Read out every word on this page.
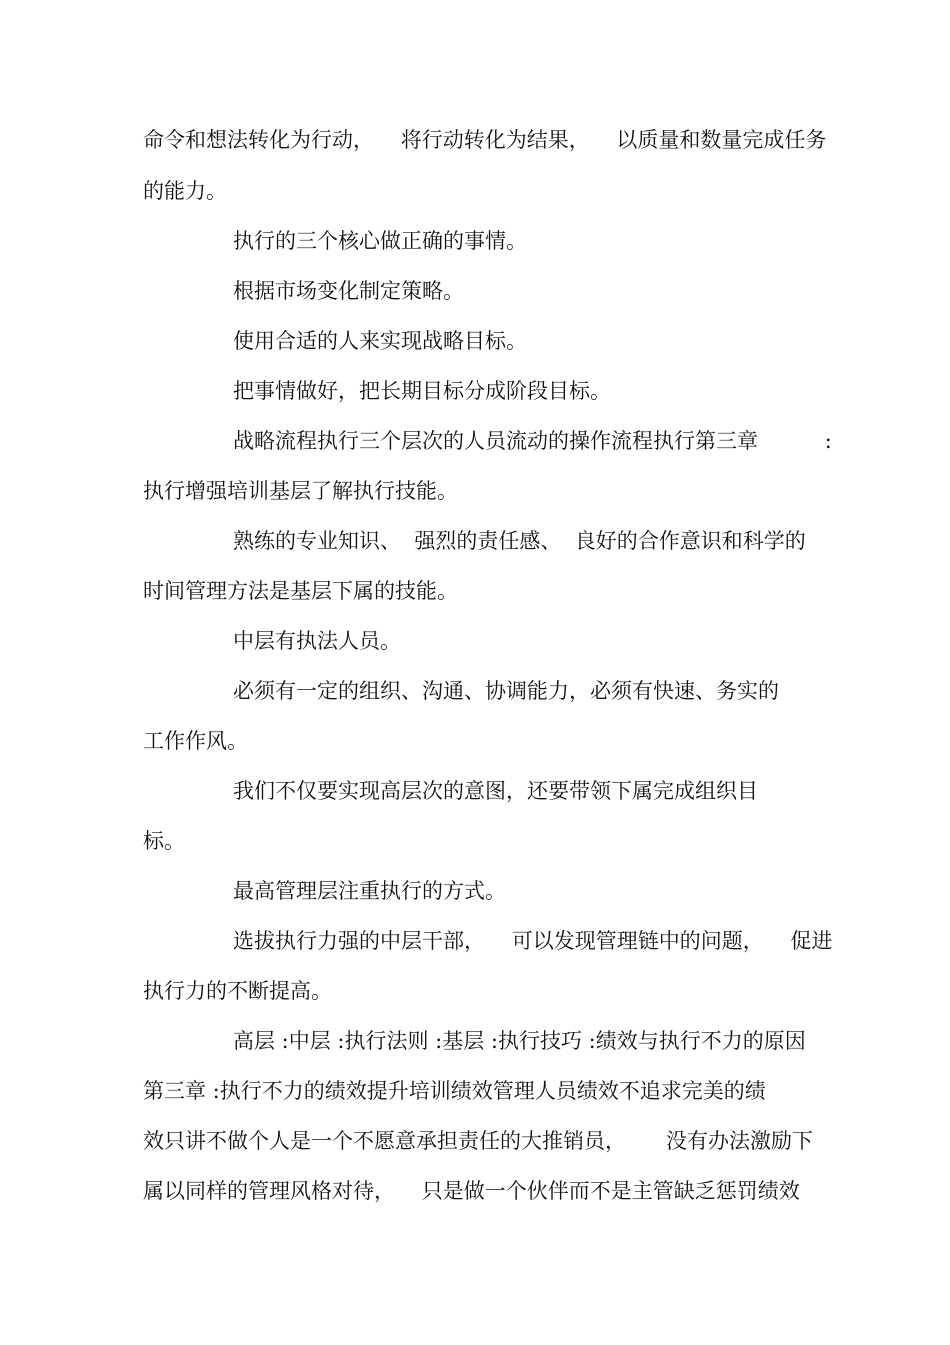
命令和想法转化为行动，    将行动转化为结果，    以质量和数量完成任务
的能力。
执行的三个核心做正确的事情。
根据市场变化制定策略。
使用合适的人来实现战略目标。
把事情做好，把长期目标分成阶段目标。
战略流程执行三个层次的人员流动的操作流程执行第三章          :
执行增强培训基层了解执行技能。
熟练的专业知识、  强烈的责任感、  良好的合作意识和科学的
时间管理方法是基层下属的技能。
中层有执法人员。
必须有一定的组织、沟通、协调能力，必须有快速、务实的
工作作风。
我们不仅要实现高层次的意图，还要带领下属完成组织目
标。
最高管理层注重执行的方式。
选拔执行力强的中层干部，    可以发现管理链中的问题，    促进
执行力的不断提高。
高层 :中层 :执行法则 :基层 :执行技巧 :绩效与执行不力的原因
第三章 :执行不力的绩效提升培训绩效管理人员绩效不追求完美的绩
效只讲不做个人是一个不愿意承担责任的大推销员，      没有办法激励下
属以同样的管理风格对待，    只是做一个伙伴而不是主管缺乏惩罚绩效
